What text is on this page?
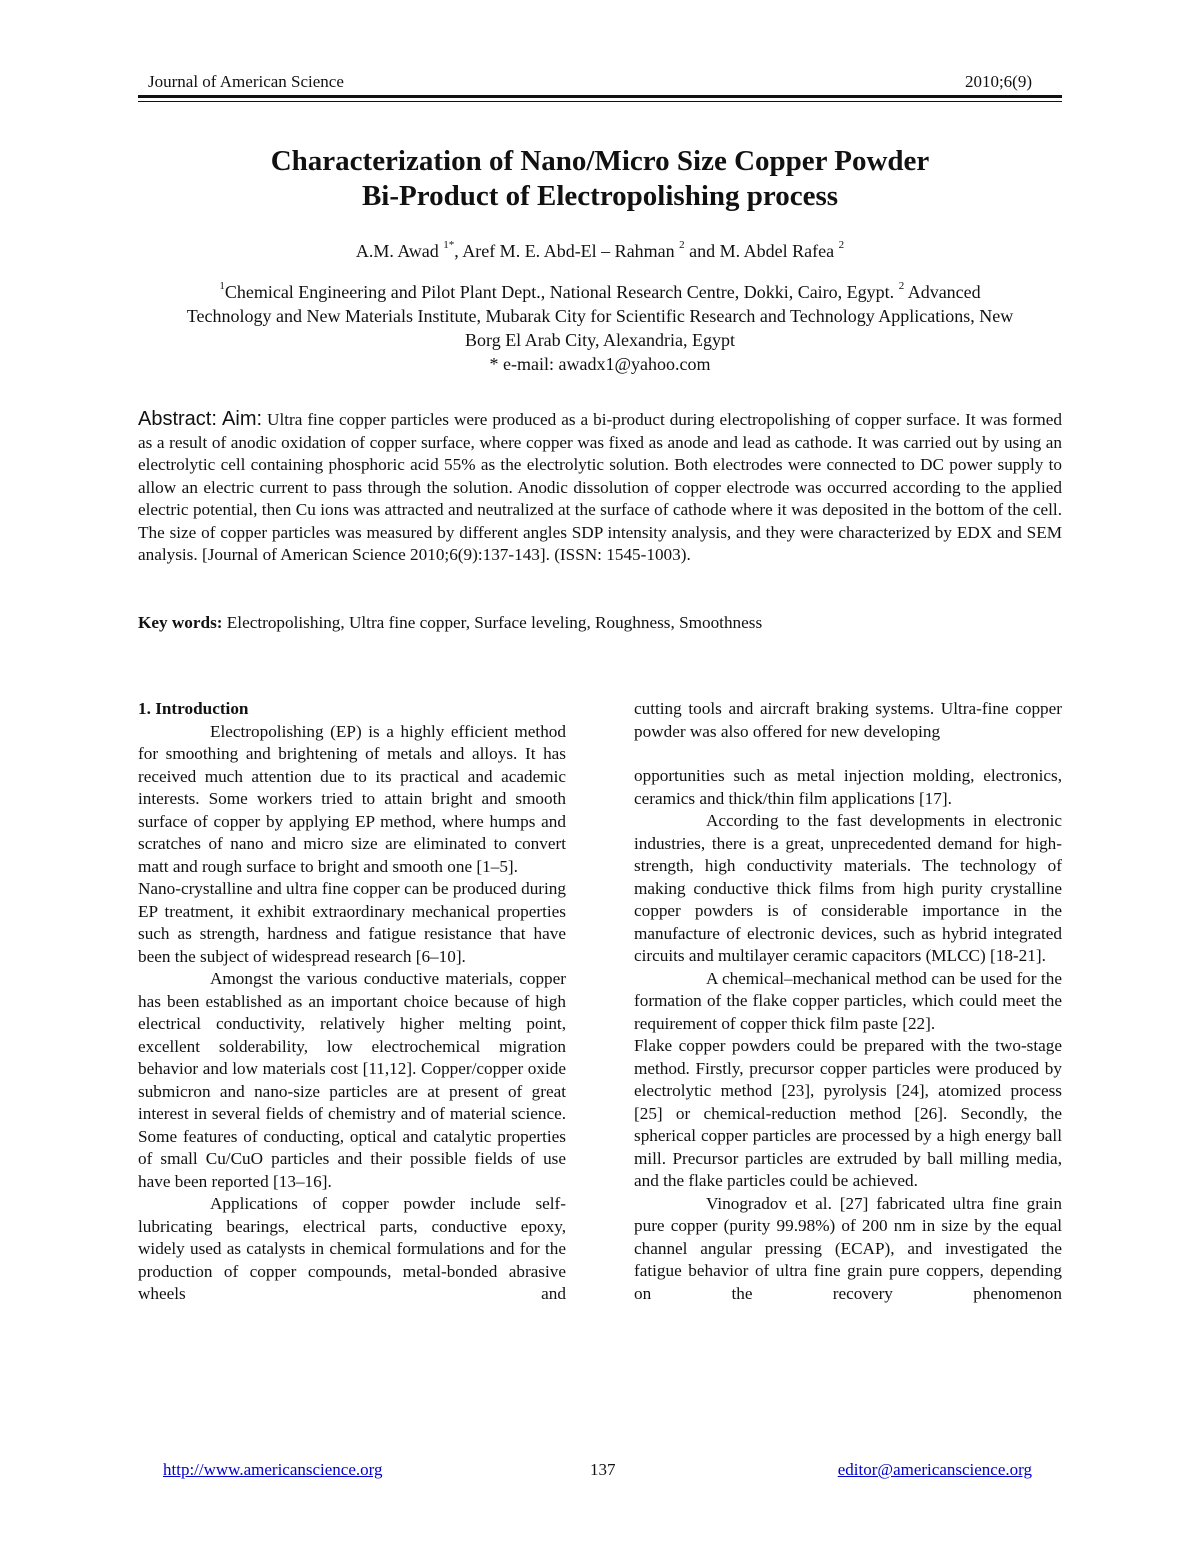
Journal of American Science	2010;6(9)
Characterization of Nano/Micro Size Copper Powder
Bi-Product of Electropolishing process
A.M. Awad $^{1*}$, Aref M. E. Abd-El – Rahman $^2$ and M. Abdel Rafea $^2$
$^1$Chemical Engineering and Pilot Plant Dept., National Research Centre, Dokki, Cairo, Egypt. $^2$ Advanced
Technology and New Materials Institute, Mubarak City for Scientific Research and Technology Applications, New
Borg El Arab City, Alexandria, Egypt
* e-mail: awadx1@yahoo.com

Abstract: Aim: Ultra fine copper particles were produced as a bi-product during electropolishing of copper surface. It was formed as a result of anodic oxidation of copper surface, where copper was fixed as anode and lead as cathode. It was carried out by using an electrolytic cell containing phosphoric acid 55% as the electrolytic solution. Both electrodes were connected to DC power supply to allow an electric current to pass through the solution. Anodic dissolution of copper electrode was occurred according to the applied electric potential, then Cu ions was attracted and neutralized at the surface of cathode where it was deposited in the bottom of the cell. The size of copper particles was measured by different angles SDP intensity analysis, and they were characterized by EDX and SEM analysis. [Journal of American Science 2010;6(9):137-143]. (ISSN: 1545-1003).

Key words: Electropolishing, Ultra fine copper, Surface leveling, Roughness, Smoothness

1. Introduction

Electropolishing (EP) is a highly efficient method for smoothing and brightening of metals and alloys. It has received much attention due to its practical and academic interests. Some workers tried to attain bright and smooth surface of copper by applying EP method, where humps and scratches of nano and micro size are eliminated to convert matt and rough surface to bright and smooth one [1–5].

Nano-crystalline and ultra fine copper can be produced during EP treatment, it exhibit extraordinary mechanical properties such as strength, hardness and fatigue resistance that have been the subject of widespread research [6–10].

Amongst the various conductive materials, copper has been established as an important choice because of high electrical conductivity, relatively higher melting point, excellent solderability, low electrochemical migration behavior and low materials cost [11,12]. Copper/copper oxide submicron and nano-size particles are at present of great interest in several fields of chemistry and of material science. Some features of conducting, optical and catalytic properties of small Cu/CuO particles and their possible fields of use have been reported [13–16].

Applications of copper powder include self-lubricating bearings, electrical parts, conductive epoxy, widely used as catalysts in chemical formulations and for the production of copper compounds, metal-bonded abrasive wheels and

cutting tools and aircraft braking systems. Ultra-fine copper powder was also offered for new developing

opportunities such as metal injection molding, electronics, ceramics and thick/thin film applications [17].

According to the fast developments in electronic industries, there is a great, unprecedented demand for high-strength, high conductivity materials. The technology of making conductive thick films from high purity crystalline copper powders is of considerable importance in the manufacture of electronic devices, such as hybrid integrated circuits and multilayer ceramic capacitors (MLCC) [18-21].

A chemical–mechanical method can be used for the formation of the flake copper particles, which could meet the requirement of copper thick film paste [22].

Flake copper powders could be prepared with the two-stage method. Firstly, precursor copper particles were produced by electrolytic method [23], pyrolysis [24], atomized process [25] or chemical-reduction method [26]. Secondly, the spherical copper particles are processed by a high energy ball mill. Precursor particles are extruded by ball milling media, and the flake particles could be achieved.

Vinogradov et al. [27] fabricated ultra fine grain pure copper (purity 99.98%) of 200 nm in size by the equal channel angular pressing (ECAP), and investigated the fatigue behavior of ultra fine grain pure coppers, depending on the recovery phenomenon

http://www.americanscience.org	137	editor@americanscience.org
